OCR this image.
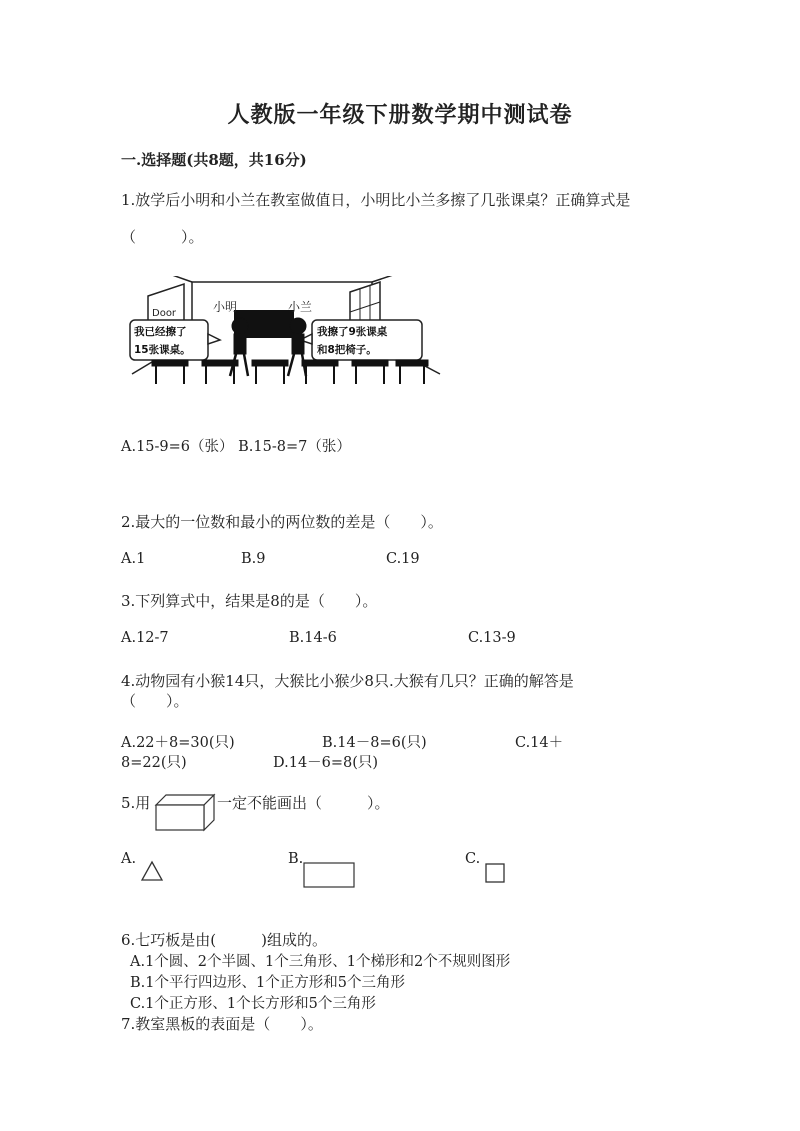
人教版一年级下册数学期中测试卷
一.选择题(共8题，共16分)
1.放学后小明和小兰在教室做值日，小明比小兰多擦了几张课桌？正确算式是
（　　　）。
Door	小明	小兰
我已经擦了
15张课桌。
我擦了9张课桌
和8把椅子。
A.15-9=6（张） B.15-8=7（张）
2.最大的一位数和最小的两位数的差是（　　）。
A.1	B.9	C.19
3.下列算式中，结果是8的是（　　）。
A.12-7	B.14-6	C.13-9
4.动物园有小猴14只，大猴比小猴少8只.大猴有几只？正确的解答是
（　　）。
A.22＋8=30(只)	B.14－8=6(只)	C.14＋
8=22(只)	D.14－6=8(只)
5.用	一定不能画出（　　　）。
A.	B.	C.
6.七巧板是由(　　　)组成的。
A.1个圆、2个半圆、1个三角形、1个梯形和2个不规则图形
B.1个平行四边形、1个正方形和5个三角形
C.1个正方形、1个长方形和5个三角形
7.教室黑板的表面是（　　）。
